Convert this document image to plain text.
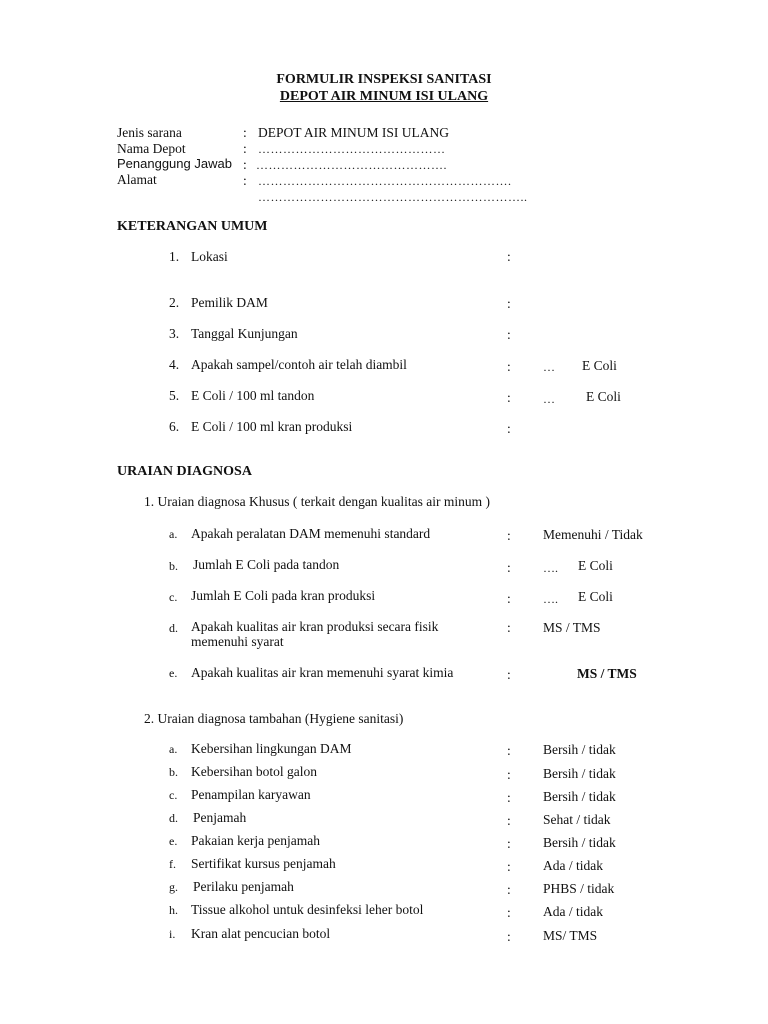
FORMULIR INSPEKSI SANITASI
DEPOT AIR MINUM ISI ULANG
Jenis sarana	: DEPOT AIR MINUM ISI ULANG
Nama Depot	: ………………………………………
Penanggung Jawab : ……………………………………….
Alamat	: …………………………………………………….
………………………………………………………..
KETERANGAN UMUM
1. Lokasi	:
2. Pemilik DAM	:
3. Tanggal Kunjungan	:
4. Apakah sampel/contoh air telah diambil	:	… E Coli
5. E Coli / 100 ml tandon	:	… E Coli
6. E Coli / 100 ml kran produksi	:
URAIAN DIAGNOSA
1. Uraian diagnosa Khusus ( terkait dengan kualitas air minum )
a. Apakah peralatan DAM memenuhi standard	: Memenuhi / Tidak
b. Jumlah E Coli pada tandon	:	…. E Coli
c. Jumlah E Coli pada kran produksi	:	…. E Coli
d. Apakah kualitas air kran produksi secara fisik memenuhi syarat
: MS / TMS
e. Apakah kualitas air kran memenuhi syarat kimia	:	MS / TMS
2. Uraian diagnosa tambahan (Hygiene sanitasi)
a. Kebersihan lingkungan DAM	: Bersih / tidak
b. Kebersihan botol galon	: Bersih / tidak
c. Penampilan karyawan	: Bersih / tidak
d. Penjamah	: Sehat / tidak
e. Pakaian kerja penjamah	: Bersih / tidak
f. Sertifikat kursus penjamah	: Ada / tidak
g. Perilaku penjamah	: PHBS / tidak
h. Tissue alkohol untuk desinfeksi leher botol	: Ada / tidak
i. Kran alat pencucian botol	: MS/ TMS
